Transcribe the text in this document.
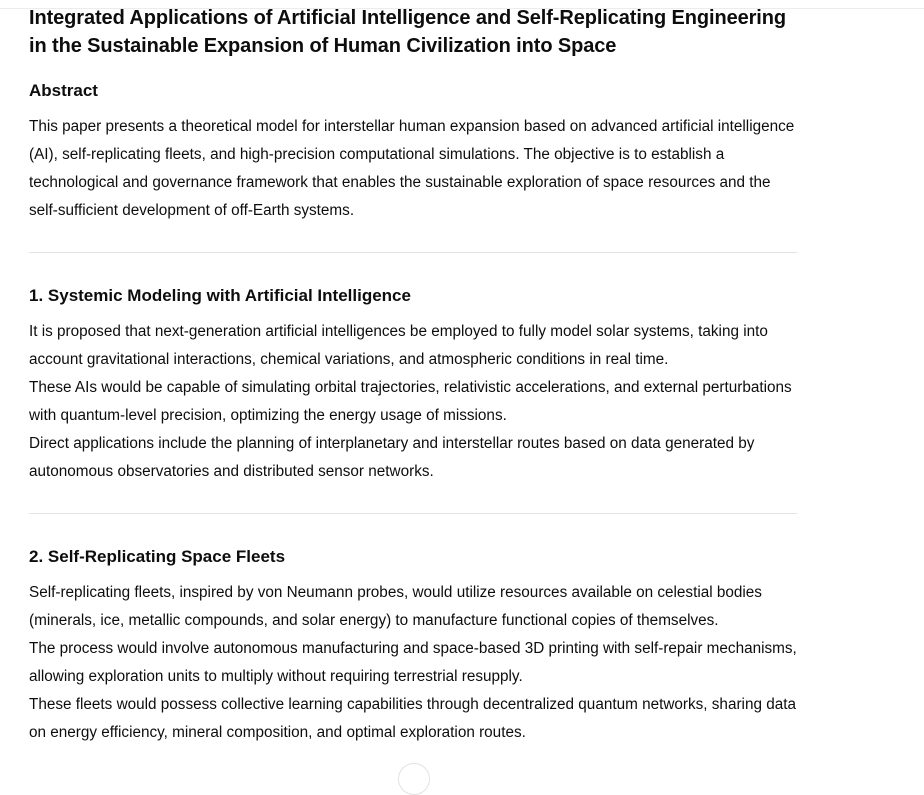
Integrated Applications of Artificial Intelligence and Self-Replicating Engineering in the Sustainable Expansion of Human Civilization into Space
Abstract

This paper presents a theoretical model for interstellar human expansion based on advanced artificial intelligence (AI), self-replicating fleets, and high-precision computational simulations. The objective is to establish a technological and governance framework that enables the sustainable exploration of space resources and the self-sufficient development of off-Earth systems.

1. Systemic Modeling with Artificial Intelligence

It is proposed that next-generation artificial intelligences be employed to fully model solar systems, taking into account gravitational interactions, chemical variations, and atmospheric conditions in real time.

These AIs would be capable of simulating orbital trajectories, relativistic accelerations, and external perturbations with quantum-level precision, optimizing the energy usage of missions.

Direct applications include the planning of interplanetary and interstellar routes based on data generated by autonomous observatories and distributed sensor networks.

2. Self-Replicating Space Fleets

Self-replicating fleets, inspired by von Neumann probes, would utilize resources available on celestial bodies (minerals, ice, metallic compounds, and solar energy) to manufacture functional copies of themselves.

The process would involve autonomous manufacturing and space-based 3D printing with self-repair mechanisms, allowing exploration units to multiply without requiring terrestrial resupply.

These fleets would possess collective learning capabilities through decentralized quantum networks, sharing data on energy efficiency, mineral composition, and optimal exploration routes.
